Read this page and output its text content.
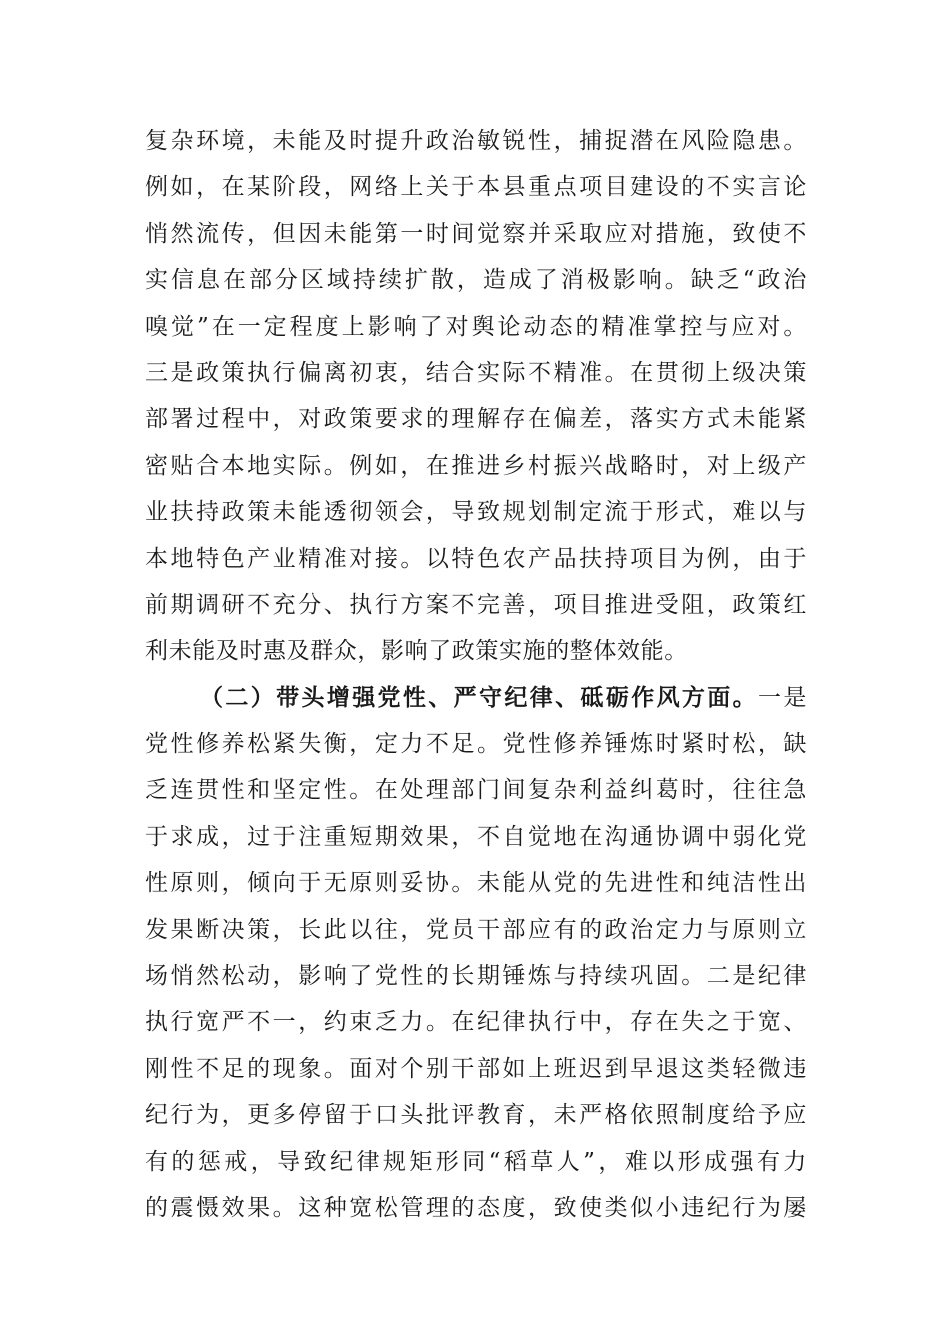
复杂环境，未能及时提升政治敏锐性，捕捉潜在风险隐患。
例如，在某阶段，网络上关于本县重点项目建设的不实言论
悄然流传，但因未能第一时间觉察并采取应对措施，致使不
实信息在部分区域持续扩散，造成了消极影响。缺乏“政治
嗅觉”在一定程度上影响了对舆论动态的精准掌控与应对。
三是政策执行偏离初衷，结合实际不精准。在贯彻上级决策
部署过程中，对政策要求的理解存在偏差，落实方式未能紧
密贴合本地实际。例如，在推进乡村振兴战略时，对上级产
业扶持政策未能透彻领会，导致规划制定流于形式，难以与
本地特色产业精准对接。以特色农产品扶持项目为例，由于
前期调研不充分、执行方案不完善，项目推进受阻，政策红
利未能及时惠及群众，影响了政策实施的整体效能。
（二）带头增强党性、严守纪律、砥砺作风方面。一是
党性修养松紧失衡，定力不足。党性修养锤炼时紧时松，缺
乏连贯性和坚定性。在处理部门间复杂利益纠葛时，往往急
于求成，过于注重短期效果，不自觉地在沟通协调中弱化党
性原则，倾向于无原则妥协。未能从党的先进性和纯洁性出
发果断决策，长此以往，党员干部应有的政治定力与原则立
场悄然松动，影响了党性的长期锤炼与持续巩固。二是纪律
执行宽严不一，约束乏力。在纪律执行中，存在失之于宽、
刚性不足的现象。面对个别干部如上班迟到早退这类轻微违
纪行为，更多停留于口头批评教育，未严格依照制度给予应
有的惩戒，导致纪律规矩形同“稻草人”，难以形成强有力
的震慑效果。这种宽松管理的态度，致使类似小违纪行为屡
